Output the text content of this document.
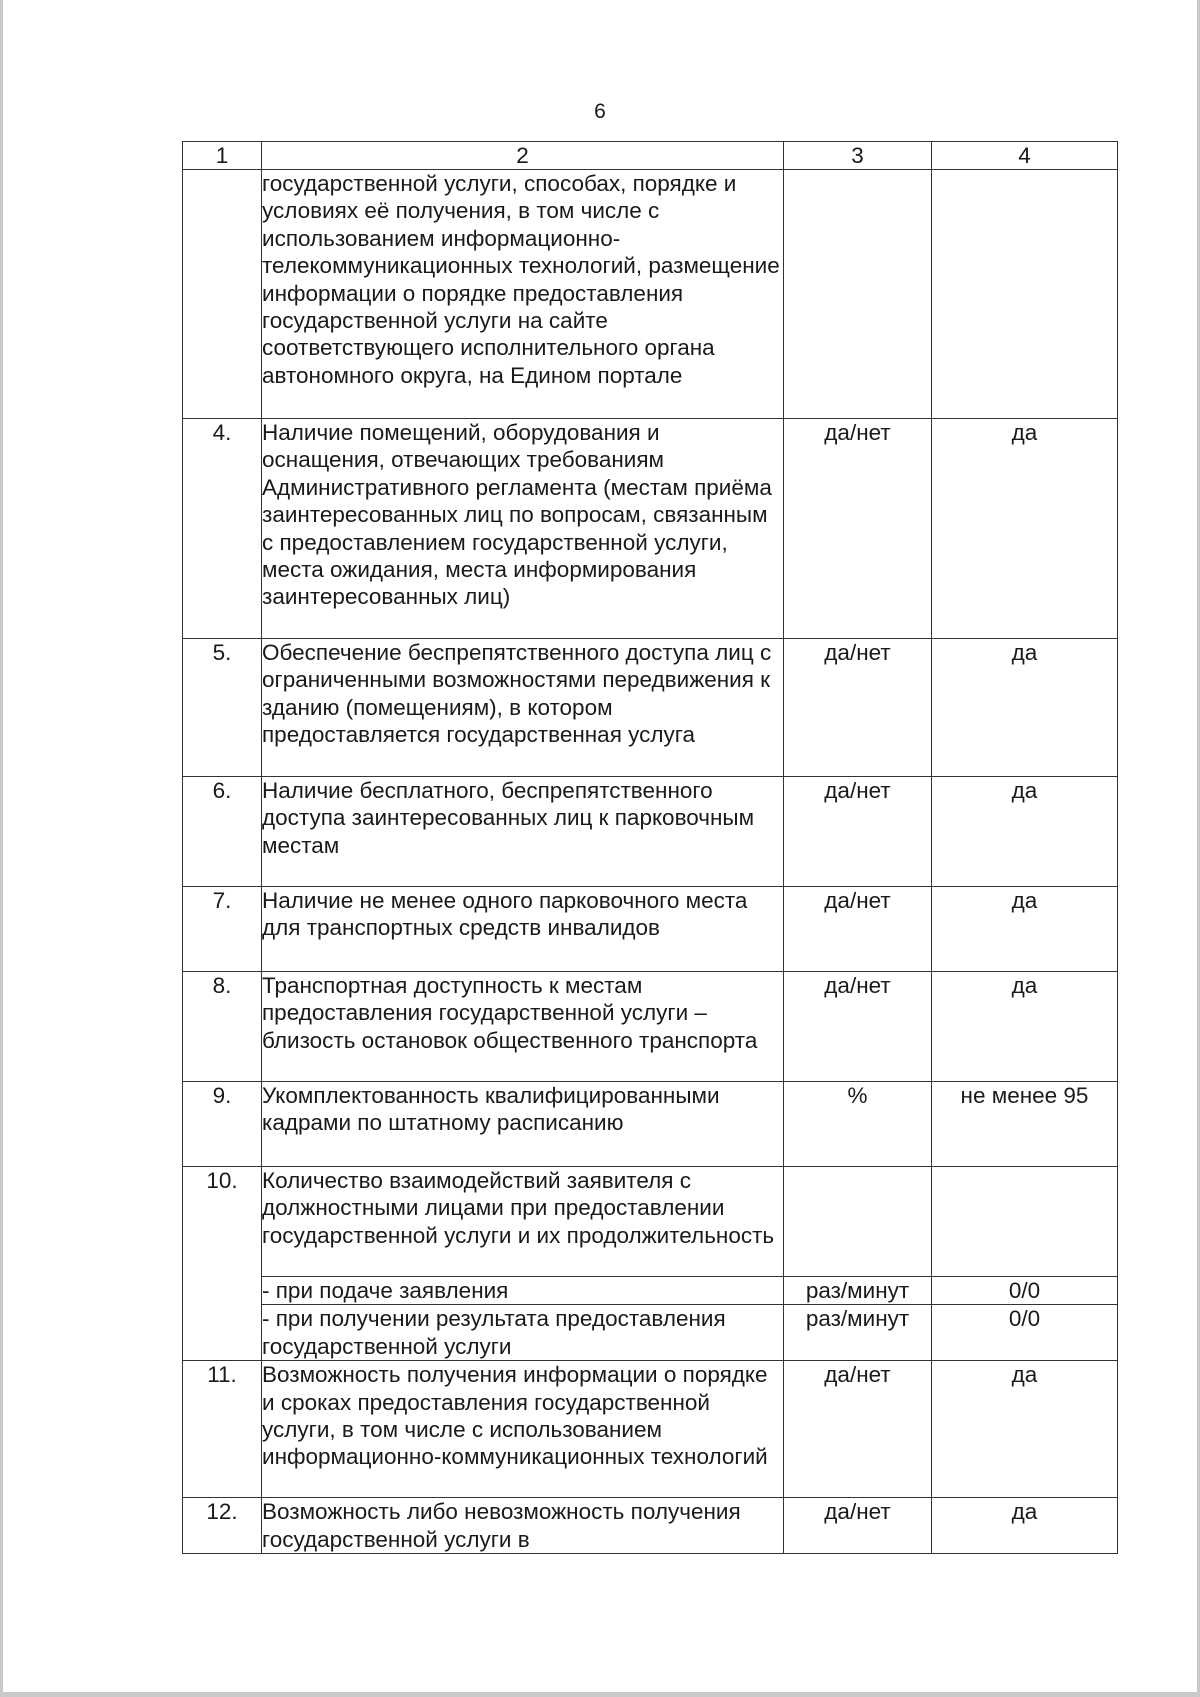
6
1	2	3	4
	государственной услуги, способах, порядке и условиях её получения, в том числе с использованием информационно-телекоммуникационных технологий, размещение информации о порядке предоставления государственной услуги на сайте соответствующего исполнительного органа автономного округа, на Едином портале		
4.	Наличие помещений, оборудования и оснащения, отвечающих требованиям Административного регламента (местам приёма заинтересованных лиц по вопросам, связанным с предоставлением государственной услуги, места ожидания, места информирования заинтересованных лиц)	да/нет	да
5.	Обеспечение беспрепятственного доступа лиц с ограниченными возможностями передвижения к зданию (помещениям), в котором предоставляется государственная услуга	да/нет	да
6.	Наличие бесплатного, беспрепятственного доступа заинтересованных лиц к парковочным местам	да/нет	да
7.	Наличие не менее одного парковочного места для транспортных средств инвалидов	да/нет	да
8.	Транспортная доступность к местам предоставления государственной услуги – близость остановок общественного транспорта	да/нет	да
9.	Укомплектованность квалифицированными кадрами по штатному расписанию	%	не менее 95
10.	Количество взаимодействий заявителя с должностными лицами при предоставлении государственной услуги и их продолжительность		
	- при подаче заявления	раз/минут	0/0
	- при получении результата предоставления государственной услуги	раз/минут	0/0
11.	Возможность получения информации о порядке и сроках предоставления государственной услуги, в том числе с использованием информационно-коммуникационных технологий	да/нет	да
12.	Возможность либо невозможность получения государственной услуги в	да/нет	да
